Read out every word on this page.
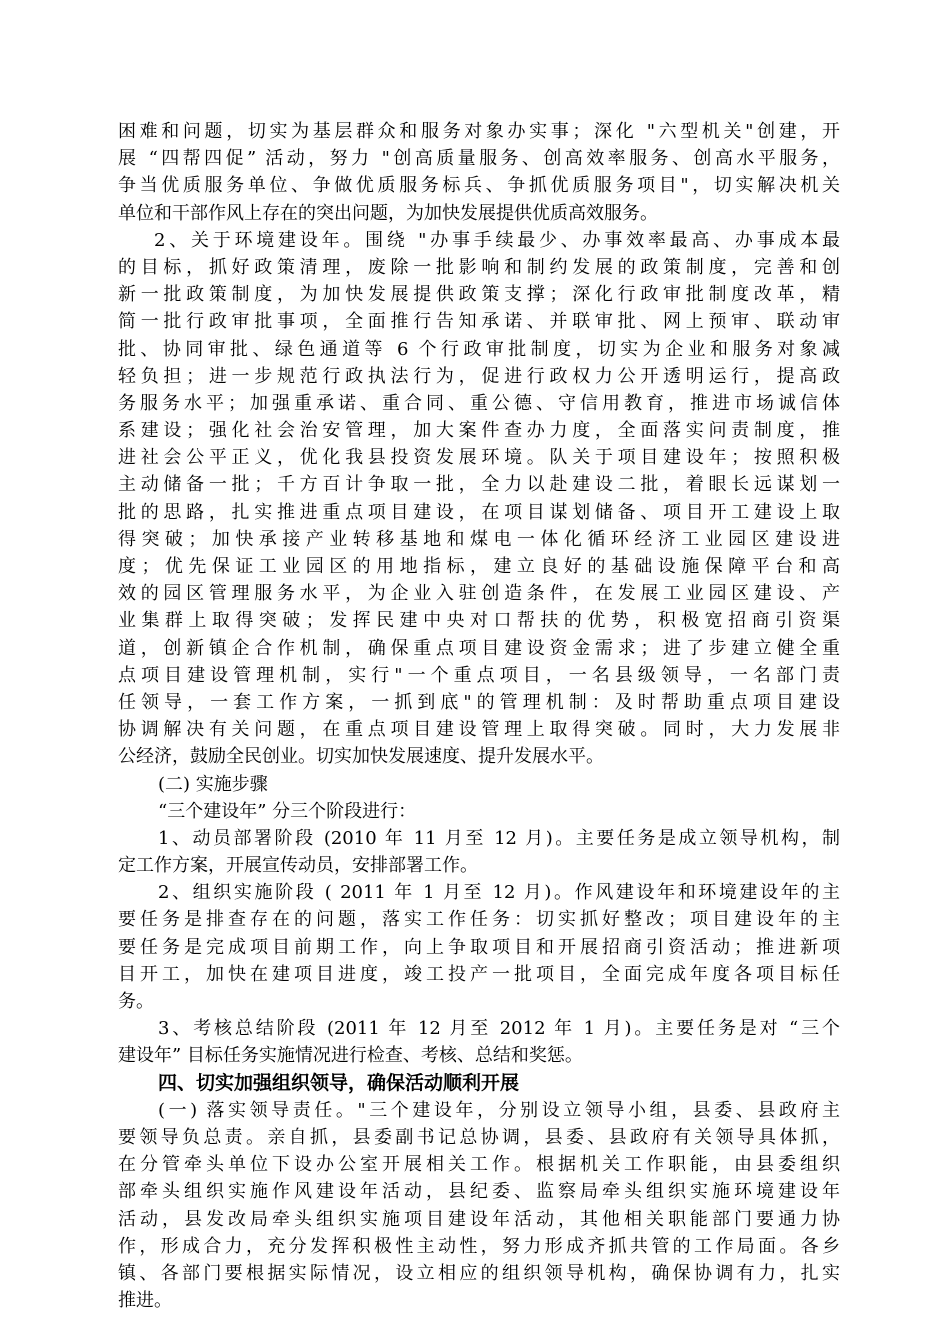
困难和问题，切实为基层群众和服务对象办实事；深化 "六型机关"创建，开
展 “四帮四促” 活动，努力 "创高质量服务、创高效率服务、创高水平服务，
争当优质服务单位、争做优质服务标兵、争抓优质服务项目"，切实解决机关
单位和干部作风上存在的突出问题，为加快发展提供优质高效服务。
2、关于环境建设年。围绕 "办事手续最少、办事效率最高、办事成本最
的目标，抓好政策清理，废除一批影响和制约发展的政策制度，完善和创
新一批政策制度，为加快发展提供政策支撑；深化行政审批制度改革，精
简一批行政审批事项，全面推行告知承诺、并联审批、网上预审、联动审
批、协同审批、绿色通道等 6 个行政审批制度，切实为企业和服务对象减
轻负担；进一步规范行政执法行为，促进行政权力公开透明运行，提高政
务服务水平；加强重承诺、重合同、重公德、守信用教育，推进市场诚信体
系建设；强化社会治安管理，加大案件查办力度，全面落实问责制度，推
进社会公平正义，优化我县投资发展环境。队关于项目建设年；按照积极
主动储备一批；千方百计争取一批，全力以赴建设二批，着眼长远谋划一
批的思路，扎实推进重点项目建设，在项目谋划储备、项目开工建设上取
得突破；加快承接产业转移基地和煤电一体化循环经济工业园区建设进
度；优先保证工业园区的用地指标，建立良好的基础设施保障平台和高
效的园区管理服务水平，为企业入驻创造条件，在发展工业园区建设、产
业集群上取得突破；发挥民建中央对口帮扶的优势，积极宽招商引资渠
道，创新镇企合作机制，确保重点项目建设资金需求；进了步建立健全重
点项目建设管理机制，实行"一个重点项目，一名县级领导，一名部门责
任领导，一套工作方案，一抓到底"的管理机制：及时帮助重点项目建设
协调解决有关问题，在重点项目建设管理上取得突破。同时，大力发展非
公经济，鼓励全民创业。切实加快发展速度、提升发展水平。
(二) 实施步骤
“三个建设年” 分三个阶段进行：
1、动员部署阶段 (2010 年 11 月至 12 月)。主要任务是成立领导机构，制
定工作方案，开展宣传动员，安排部署工作。
2、组织实施阶段 ( 2011 年 1 月至 12 月)。作风建设年和环境建设年的主
要任务是排查存在的问题，落实工作任务：切实抓好整改；项目建设年的主
要任务是完成项目前期工作，向上争取项目和开展招商引资活动；推进新项
目开工，加快在建项目进度，竣工投产一批项目，全面完成年度各项目标任
务。
3、考核总结阶段 (2011 年 12 月至 2012 年 1 月)。主要任务是对 “三个
建设年” 目标任务实施情况进行检查、考核、总结和奖惩。
四、切实加强组织领导，确保活动顺利开展
(一) 落实领导责任。"三个建设年，分别设立领导小组，县委、县政府主
要领导负总责。亲自抓，县委副书记总协调，县委、县政府有关领导具体抓，
在分管牵头单位下设办公室开展相关工作。根据机关工作职能，由县委组织
部牵头组织实施作风建设年活动，县纪委、监察局牵头组织实施环境建设年
活动，县发改局牵头组织实施项目建设年活动，其他相关职能部门要通力协
作，形成合力，充分发挥积极性主动性，努力形成齐抓共管的工作局面。各乡
镇、各部门要根据实际情况，设立相应的组织领导机构，确保协调有力，扎实
推进。
